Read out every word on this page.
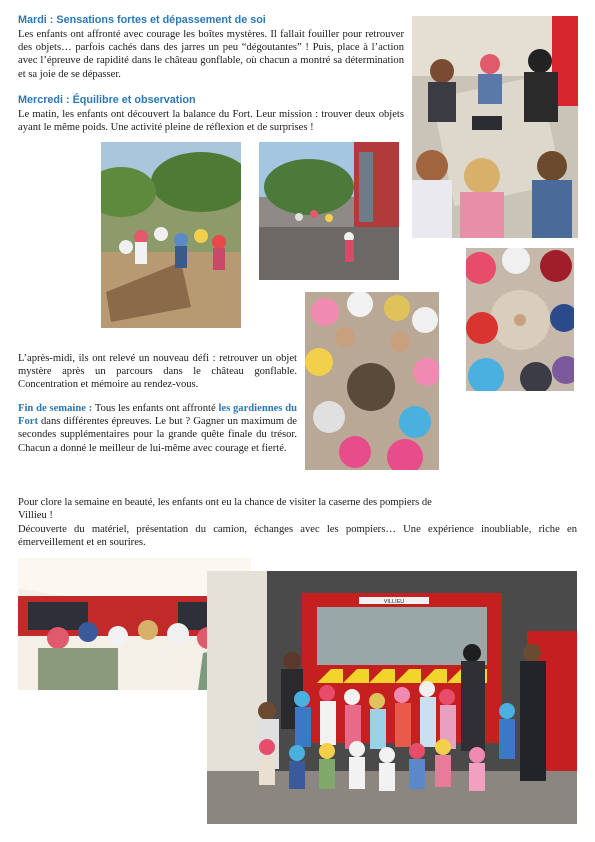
Mardi : Sensations fortes et dépassement de soi
Les enfants ont affronté avec courage les boîtes mystères. Il fallait fouiller pour retrouver des objets… parfois cachés dans des jarres un peu “dégoutantes” ! Puis, place à l’action avec l’épreuve de rapidité dans le château gonflable, où chacun a montré sa détermination et sa joie de se dépasser.
Mercredi : Équilibre et observation
Le matin, les enfants ont découvert la balance du Fort. Leur mission : trouver deux objets ayant le même poids. Une activité pleine de réflexion et de surprises !
L’après-midi, ils ont relevé un nouveau défi : retrouver un objet mystère après un parcours dans le château gonflable. Concentration et mémoire au rendez-vous.
Fin de semaine : Tous les enfants ont affronté les gardiennes du Fort dans différentes épreuves. Le but ? Gagner un maximum de secondes supplémentaires pour la grande quête finale du trésor. Chacun a donné le meilleur de lui-même avec courage et fierté.
Pour clore la semaine en beauté, les enfants ont eu la chance de visiter la caserne des pompiers de Villieu !
Découverte du matériel, présentation du camion, échanges avec les pompiers… Une expérience inoubliable, riche en émerveillement et en sourires.
VILLIEU
